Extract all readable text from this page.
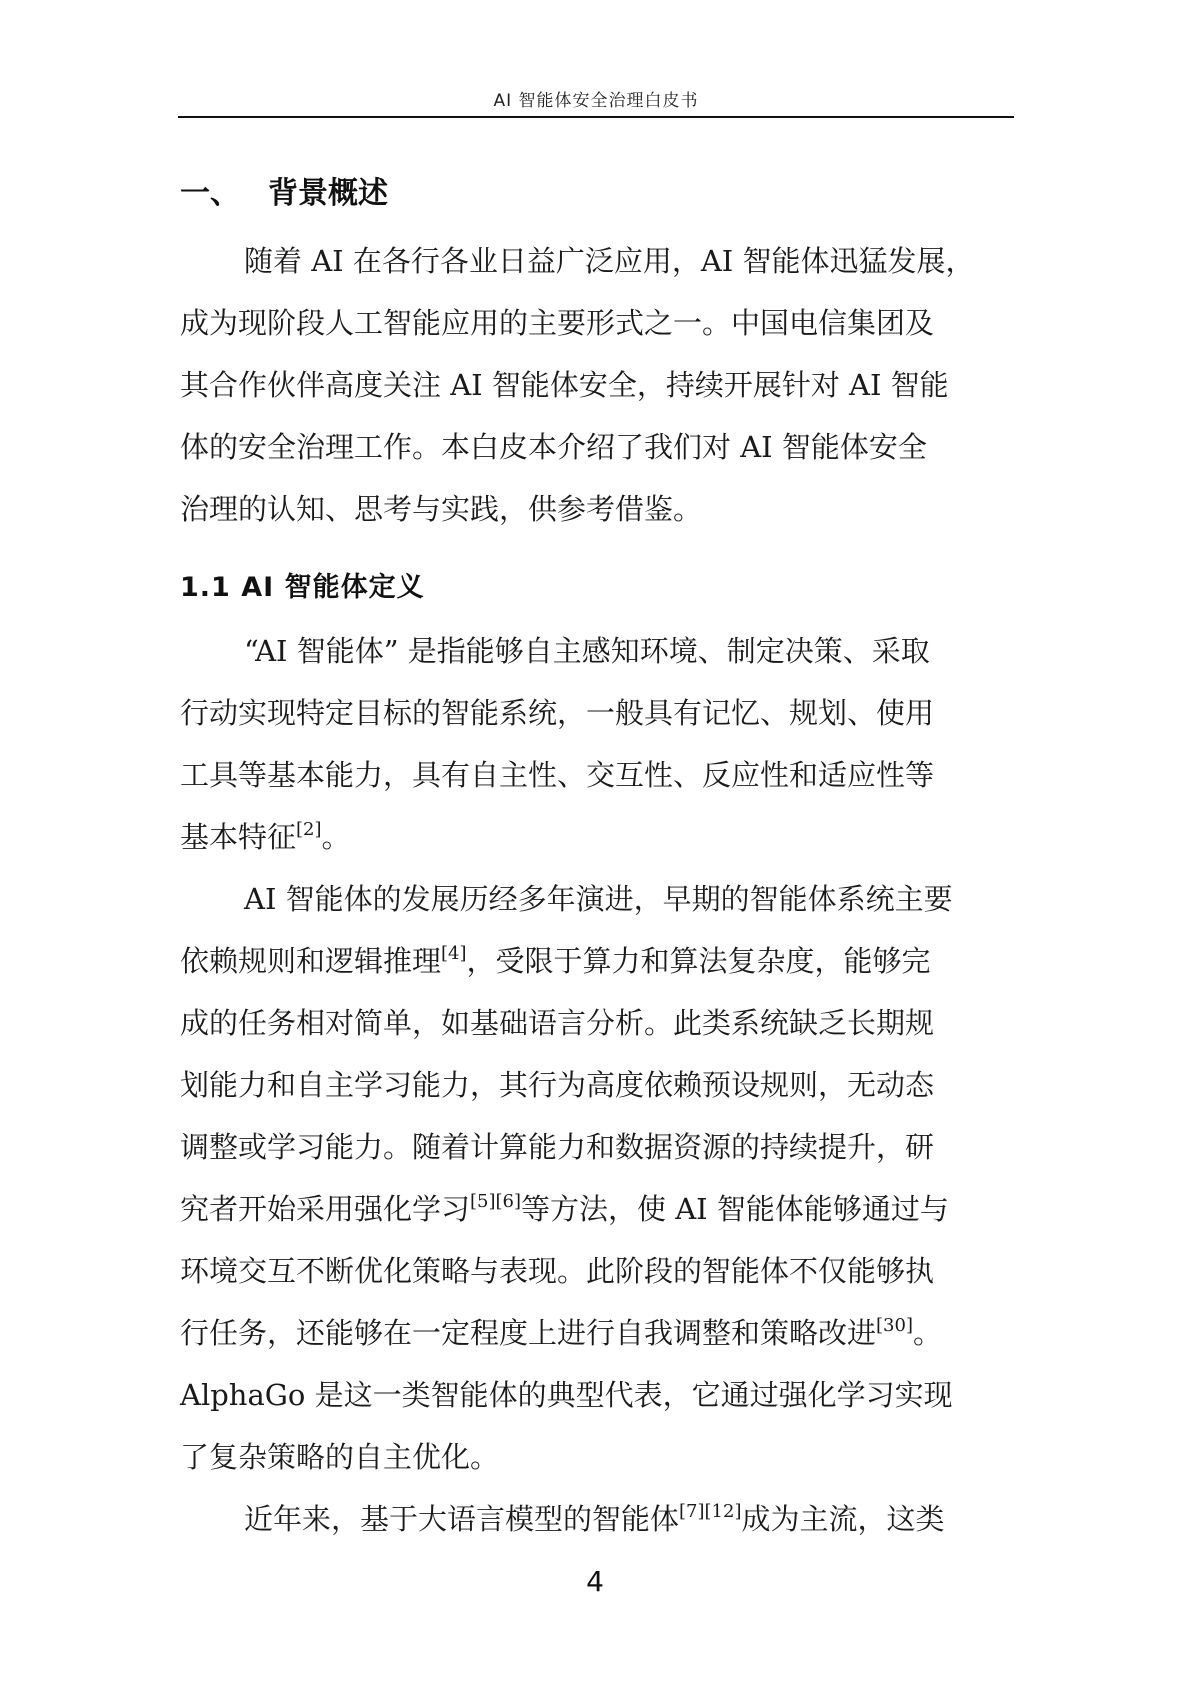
AI 智能体安全治理白皮书
一、 背景概述

随着 AI 在各行各业日益广泛应用，AI 智能体迅猛发展，
成为现阶段人工智能应用的主要形式之一。中国电信集团及
其合作伙伴高度关注 AI 智能体安全，持续开展针对 AI 智能
体的安全治理工作。本白皮本介绍了我们对 AI 智能体安全
治理的认知、思考与实践，供参考借鉴。

1.1 AI 智能体定义

“AI 智能体” 是指能够自主感知环境、制定决策、采取
行动实现特定目标的智能系统，一般具有记忆、规划、使用
工具等基本能力，具有自主性、交互性、反应性和适应性等
基本特征[2]。

AI 智能体的发展历经多年演进，早期的智能体系统主要
依赖规则和逻辑推理[4]，受限于算力和算法复杂度，能够完
成的任务相对简单，如基础语言分析。此类系统缺乏长期规
划能力和自主学习能力，其行为高度依赖预设规则，无动态
调整或学习能力。随着计算能力和数据资源的持续提升，研
究者开始采用强化学习[5][6]等方法，使 AI 智能体能够通过与
环境交互不断优化策略与表现。此阶段的智能体不仅能够执
行任务，还能够在一定程度上进行自我调整和策略改进[30]。
AlphaGo 是这一类智能体的典型代表，它通过强化学习实现
了复杂策略的自主优化。

近年来，基于大语言模型的智能体[7][12]成为主流，这类

4
